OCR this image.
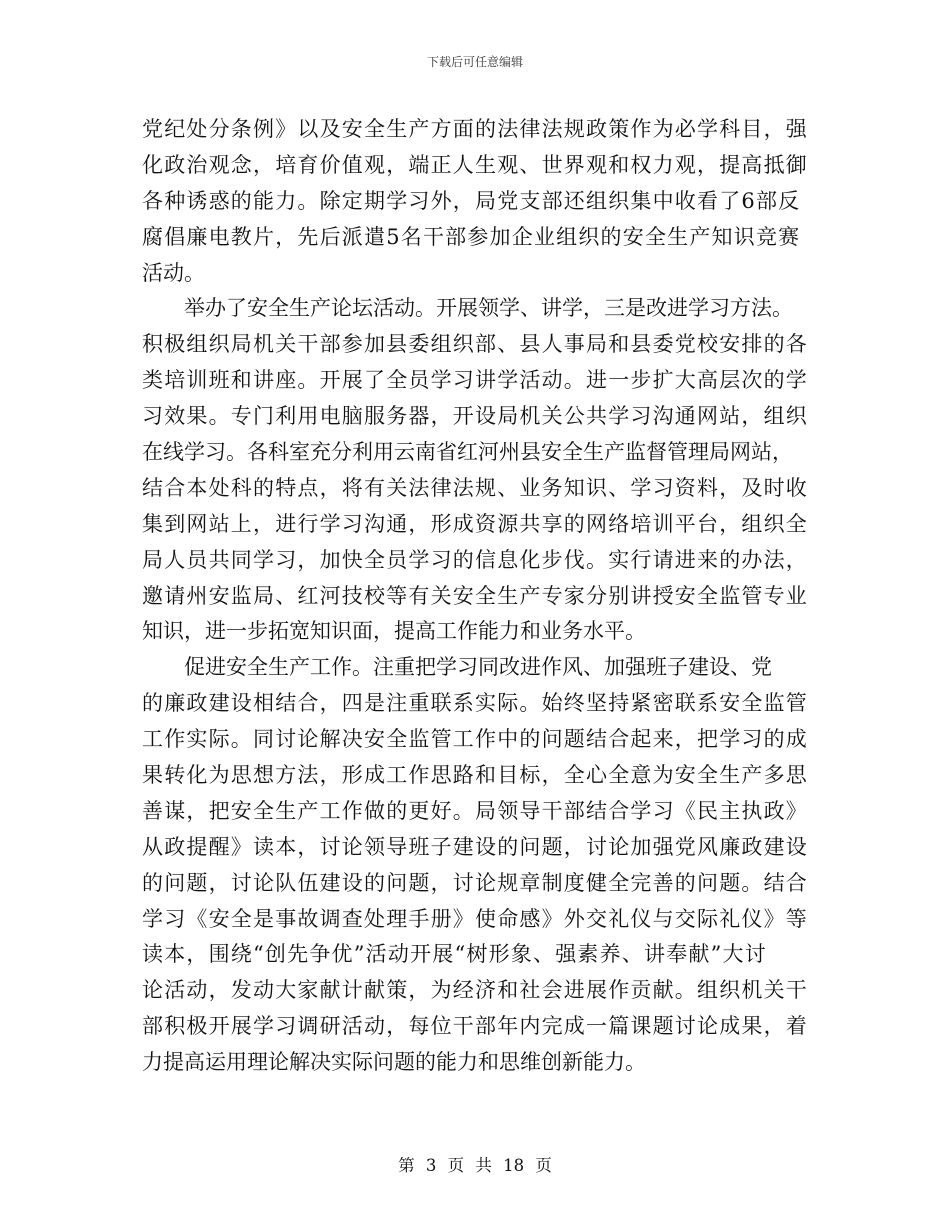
下载后可任意编辑
党纪处分条例》以及安全生产方面的法律法规政策作为必学科目，强
化政治观念，培育价值观，端正人生观、世界观和权力观，提高抵御
各种诱惑的能力。除定期学习外，局党支部还组织集中收看了6部反
腐倡廉电教片，先后派遣5名干部参加企业组织的安全生产知识竞赛
活动。
举办了安全生产论坛活动。开展领学、讲学，三是改进学习方法。
积极组织局机关干部参加县委组织部、县人事局和县委党校安排的各
类培训班和讲座。开展了全员学习讲学活动。进一步扩大高层次的学
习效果。专门利用电脑服务器，开设局机关公共学习沟通网站，组织
在线学习。各科室充分利用云南省红河州县安全生产监督管理局网站，
结合本处科的特点，将有关法律法规、业务知识、学习资料，及时收
集到网站上，进行学习沟通，形成资源共享的网络培训平台，组织全
局人员共同学习，加快全员学习的信息化步伐。实行请进来的办法，
邀请州安监局、红河技校等有关安全生产专家分别讲授安全监管专业
知识，进一步拓宽知识面，提高工作能力和业务水平。
促进安全生产工作。注重把学习同改进作风、加强班子建设、党
的廉政建设相结合，四是注重联系实际。始终坚持紧密联系安全监管
工作实际。同讨论解决安全监管工作中的问题结合起来，把学习的成
果转化为思想方法，形成工作思路和目标，全心全意为安全生产多思
善谋，把安全生产工作做的更好。局领导干部结合学习《民主执政》
从政提醒》读本，讨论领导班子建设的问题，讨论加强党风廉政建设
的问题，讨论队伍建设的问题，讨论规章制度健全完善的问题。结合
学习《安全是事故调查处理手册》使命感》外交礼仪与交际礼仪》等
读本，围绕“创先争优”活动开展“树形象、强素养、讲奉献”大讨
论活动，发动大家献计献策，为经济和社会进展作贡献。组织机关干
部积极开展学习调研活动，每位干部年内完成一篇课题讨论成果，着
力提高运用理论解决实际问题的能力和思维创新能力。
第 3 页 共 18 页
